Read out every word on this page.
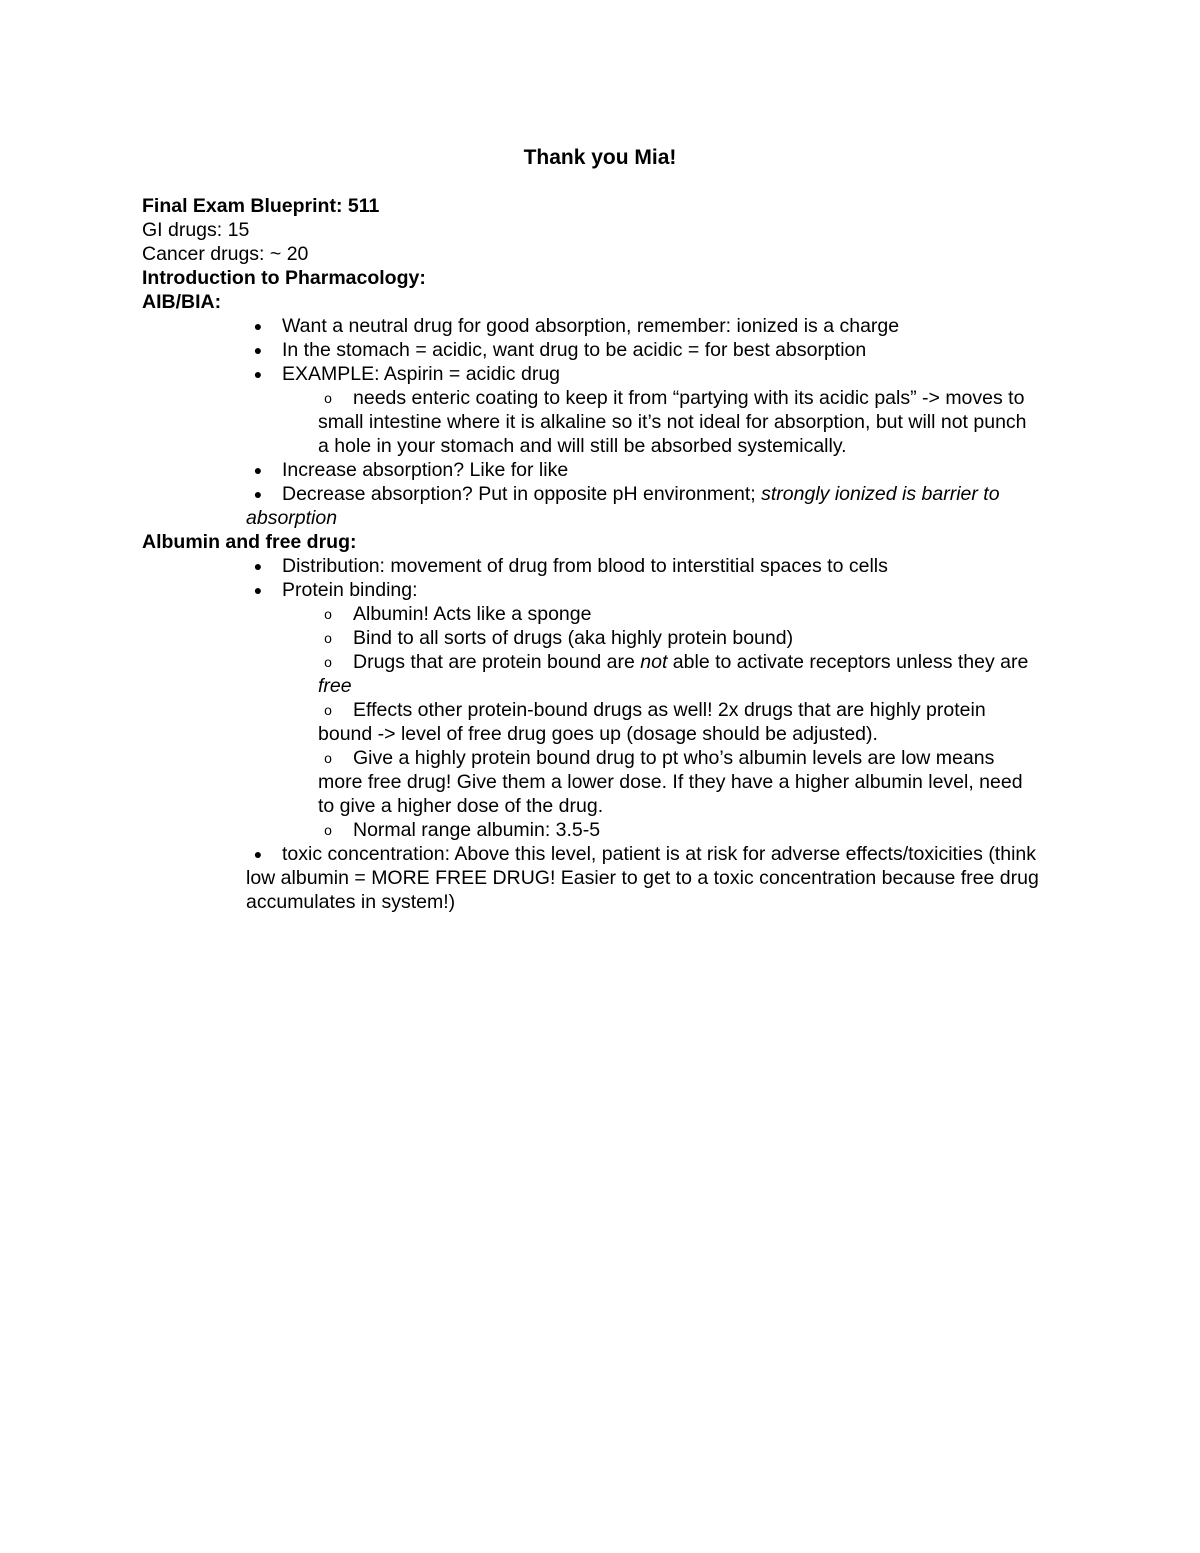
Thank you Mia!
Final Exam Blueprint: 511
GI drugs: 15
Cancer drugs: ~ 20
Introduction to Pharmacology:
AIB/BIA:
●	Want a neutral drug for good absorption, remember: ionized is a charge
●	In the stomach = acidic, want drug to be acidic = for best absorption
●	EXAMPLE: Aspirin = acidic drug
o	needs enteric coating to keep it from “partying with its acidic pals” -> moves to small intestine where it is alkaline so it’s not ideal for absorption, but will not punch a hole in your stomach and will still be absorbed systemically.
●	Increase absorption? Like for like
●	Decrease absorption? Put in opposite pH environment; strongly ionized is barrier to absorption
Albumin and free drug:
●	Distribution: movement of drug from blood to interstitial spaces to cells
●	Protein binding:
o	Albumin! Acts like a sponge
o	Bind to all sorts of drugs (aka highly protein bound)
o	Drugs that are protein bound are not able to activate receptors unless they are free
o	Effects other protein-bound drugs as well! 2x drugs that are highly protein bound -> level of free drug goes up (dosage should be adjusted).
o	Give a highly protein bound drug to pt who’s albumin levels are low means more free drug! Give them a lower dose. If they have a higher albumin level, need to give a higher dose of the drug.
o	Normal range albumin: 3.5-5
●	toxic concentration: Above this level, patient is at risk for adverse effects/toxicities (think low albumin = MORE FREE DRUG! Easier to get to a toxic concentration because free drug accumulates in system!)
